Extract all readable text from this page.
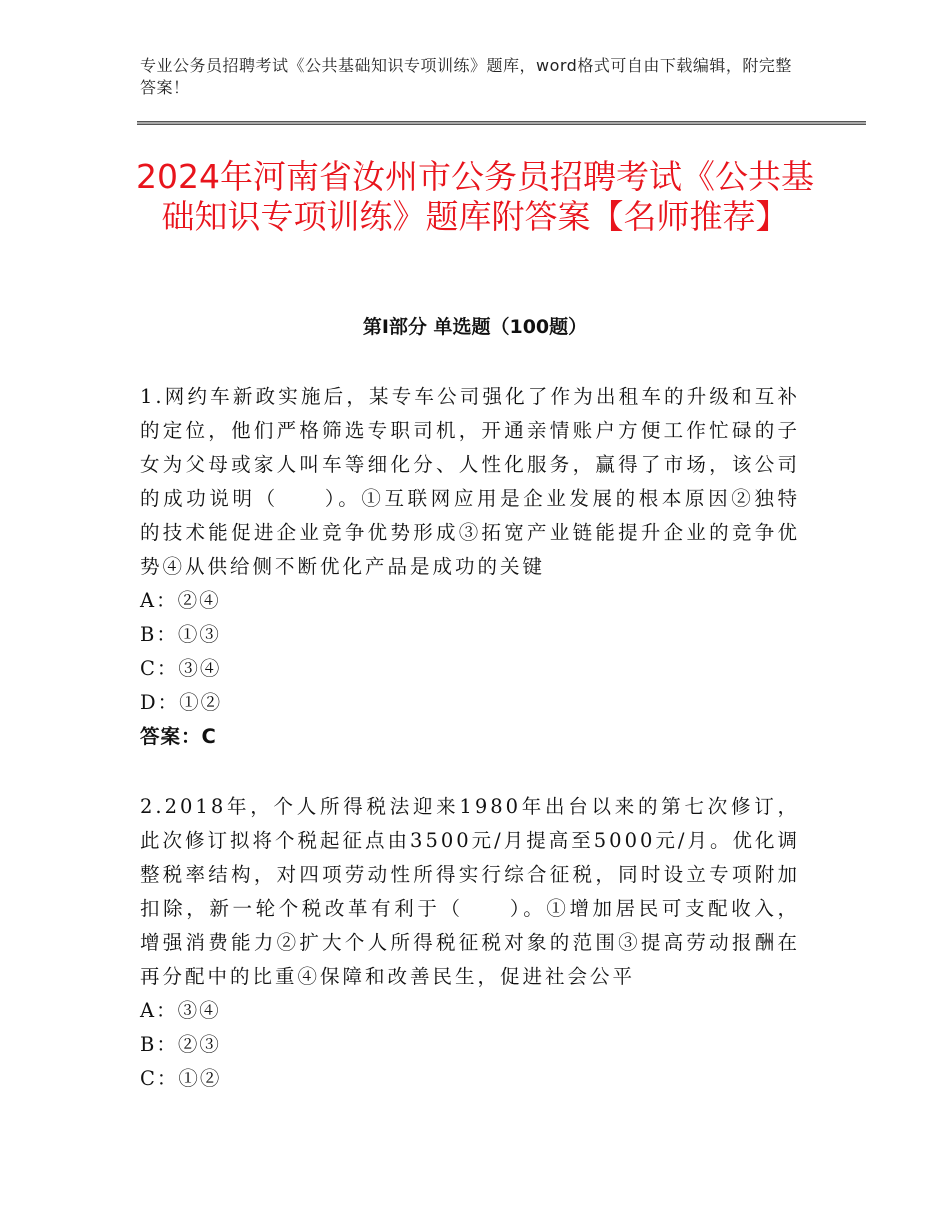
专业公务员招聘考试《公共基础知识专项训练》题库，word格式可自由下载编辑，附完整答案！
2024年河南省汝州市公务员招聘考试《公共基础知识专项训练》题库附答案【名师推荐】
第Ⅰ部分 单选题（100题）

1.网约车新政实施后，某专车公司强化了作为出租车的升级和互补的定位，他们严格筛选专职司机，开通亲情账户方便工作忙碌的子女为父母或家人叫车等细化分、人性化服务，赢得了市场，该公司的成功说明（　　）。①互联网应用是企业发展的根本原因②独特的技术能促进企业竞争优势形成③拓宽产业链能提升企业的竞争优势④从供给侧不断优化产品是成功的关键

A：②④

B：①③

C：③④

D：①②

答案：C

2.2018年，个人所得税法迎来1980年出台以来的第七次修订，此次修订拟将个税起征点由3500元/月提高至5000元/月。优化调整税率结构，对四项劳动性所得实行综合征税，同时设立专项附加扣除，新一轮个税改革有利于（　　）。①增加居民可支配收入，增强消费能力②扩大个人所得税征税对象的范围③提高劳动报酬在再分配中的比重④保障和改善民生，促进社会公平

A：③④

B：②③

C：①②
